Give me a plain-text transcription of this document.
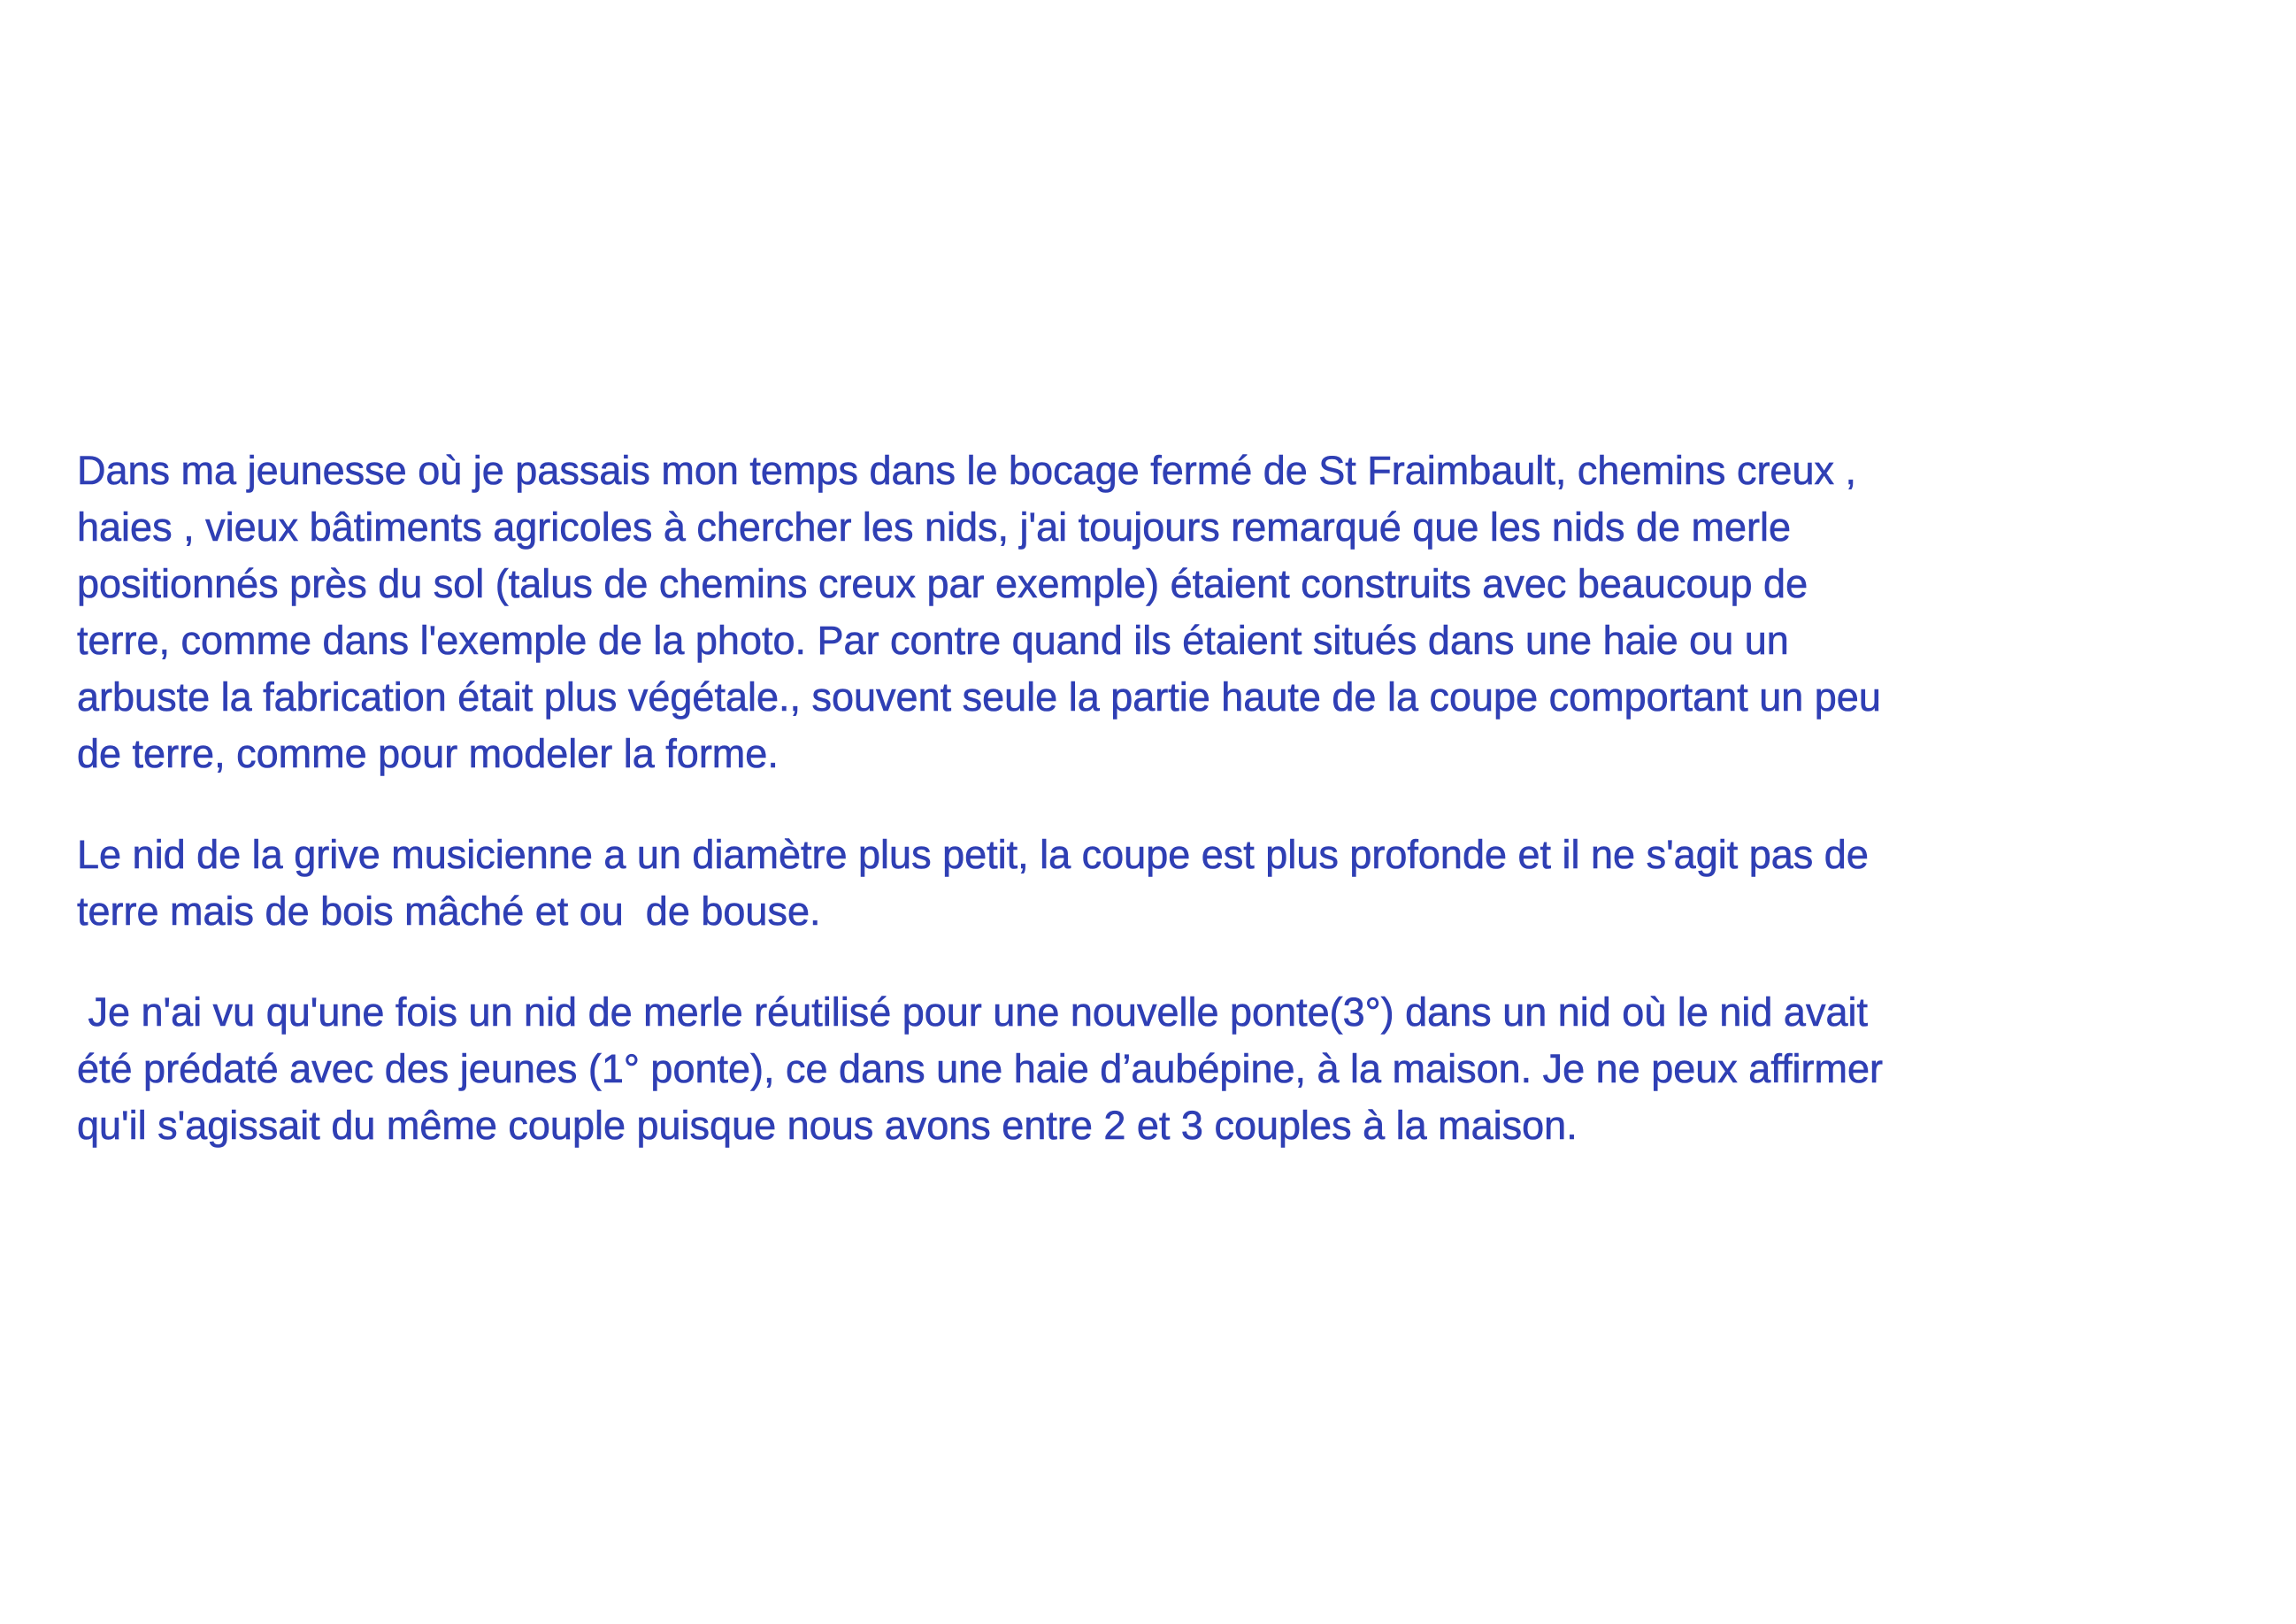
Dans ma jeunesse où je passais mon temps dans le bocage fermé de St Fraimbault, chemins creux ,
haies , vieux bâtiments agricoles à chercher les nids, j'ai toujours remarqué que les nids de merle
positionnés près du sol (talus de chemins creux par exemple) étaient construits avec beaucoup de
terre, comme dans l'exemple de la photo. Par contre quand ils étaient situés dans une haie ou un
arbuste la fabrication était plus végétale., souvent seule la partie haute de la coupe comportant un peu
de terre, comme pour modeler la forme.
Le nid de la grive musicienne a un diamètre plus petit, la coupe est plus profonde et il ne s'agit pas de
terre mais de bois mâché et ou  de bouse.
Je n'ai vu qu'une fois un nid de merle réutilisé pour une nouvelle ponte(3°) dans un nid où le nid avait
été prédaté avec des jeunes (1° ponte), ce dans une haie d’aubépine, à la maison. Je ne peux affirmer
qu'il s'agissait du même couple puisque nous avons entre 2 et 3 couples à la maison.
